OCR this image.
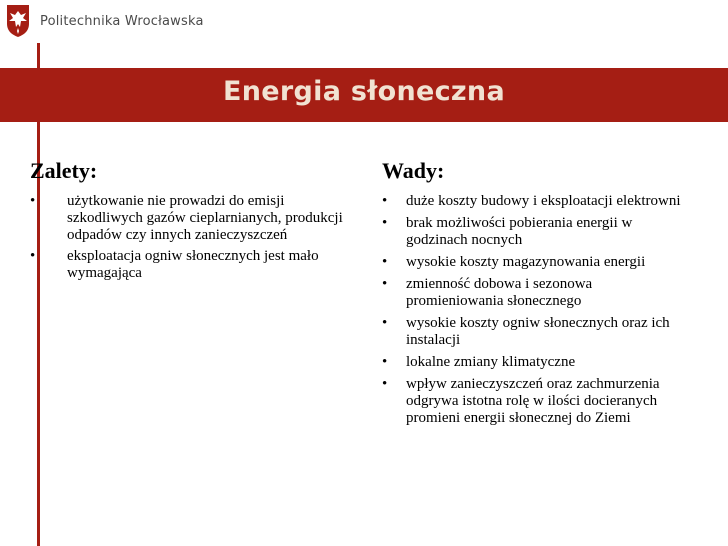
Politechnika Wrocławska
Energia słoneczna
Zalety:
•	użytkowanie nie prowadzi do emisji szkodliwych gazów cieplarnianych, produkcji odpadów czy innych zanieczyszczeń
•	eksploatacja ogniw słonecznych jest mało wymagająca
Wady:
•	duże koszty budowy i eksploatacji elektrowni
•	brak możliwości pobierania energii w godzinach nocnych
•	wysokie koszty magazynowania energii
•	zmienność dobowa i sezonowa promieniowania słonecznego
•	wysokie koszty ogniw słonecznych oraz ich instalacji
•	lokalne zmiany klimatyczne
•	wpływ zanieczyszczeń oraz zachmurzenia odgrywa istotna rolę w ilości docieranych promieni energii słonecznej do Ziemi
